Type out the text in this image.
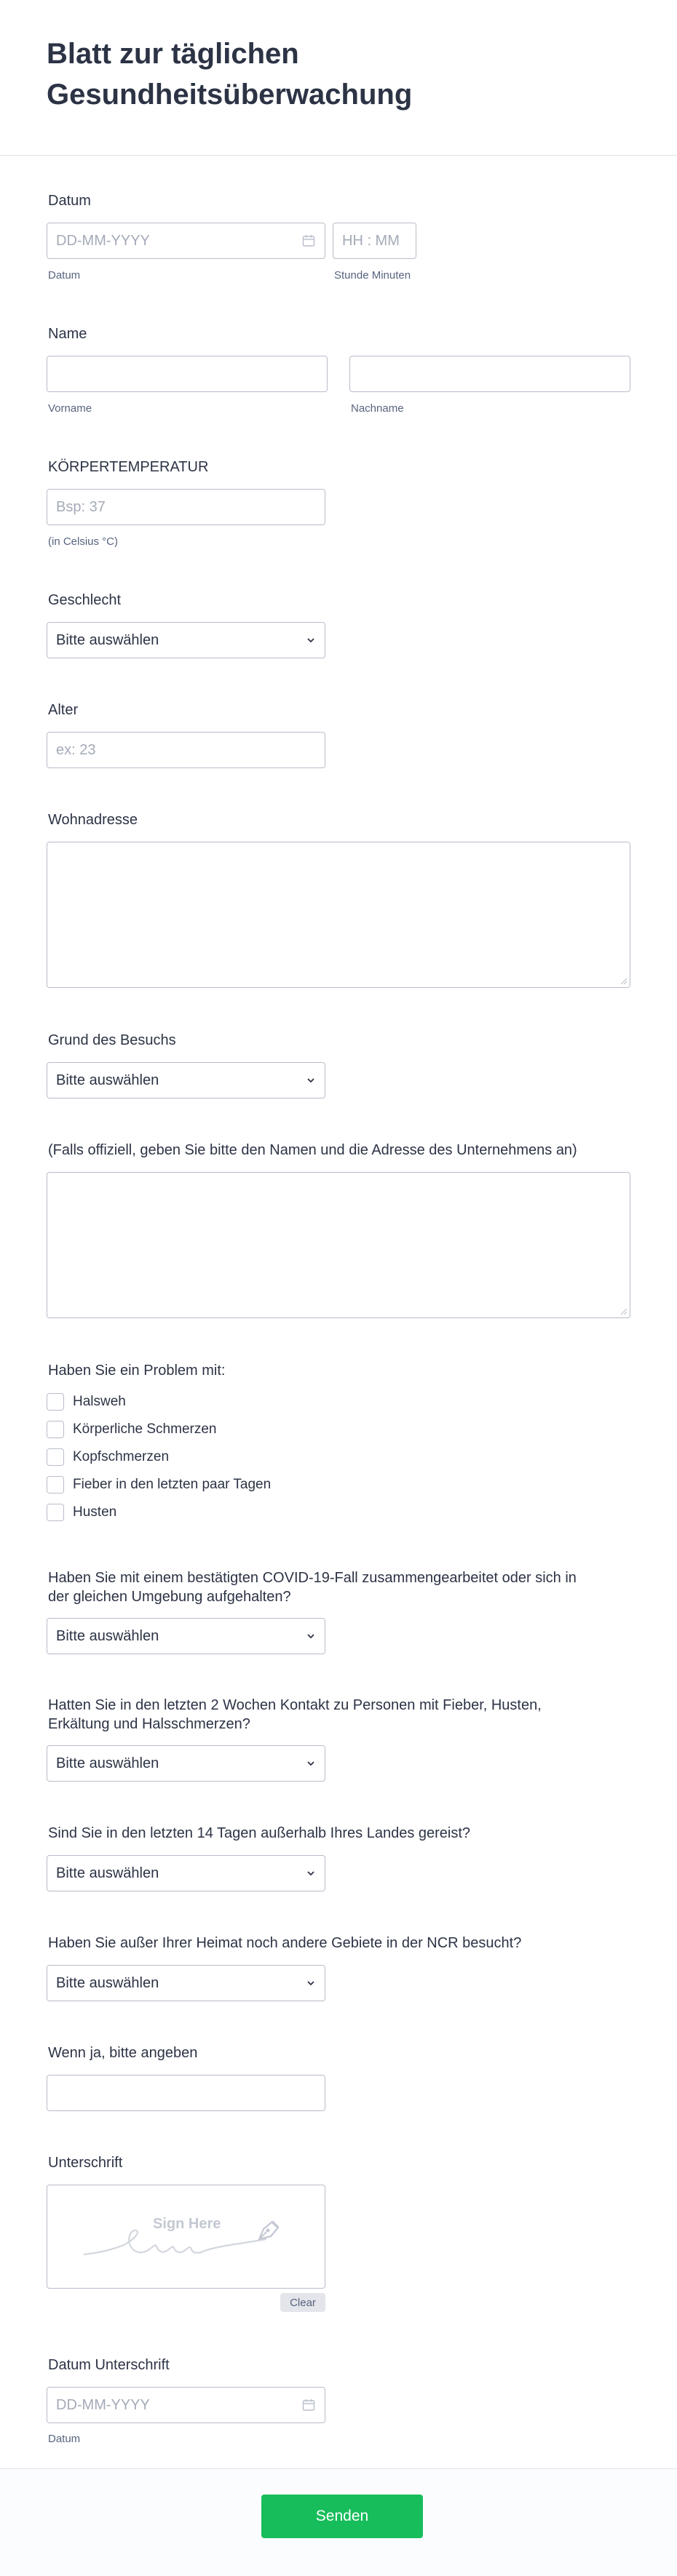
Blatt zur täglichen Gesundheitsüberwachung
Datum
DD-MM-YYYY	HH : MM
Datum	Stunde Minuten
Name
Vorname	Nachname
KÖRPERTEMPERATUR
Bsp: 37
(in Celsius °C)
Geschlecht
Bitte auswählen
Alter
ex: 23
Wohnadresse
Grund des Besuchs
Bitte auswählen
(Falls offiziell, geben Sie bitte den Namen und die Adresse des Unternehmens an)
Haben Sie ein Problem mit:
Halsweh
Körperliche Schmerzen
Kopfschmerzen
Fieber in den letzten paar Tagen
Husten
Haben Sie mit einem bestätigten COVID-19-Fall zusammengearbeitet oder sich in
der gleichen Umgebung aufgehalten?
Bitte auswählen
Hatten Sie in den letzten 2 Wochen Kontakt zu Personen mit Fieber, Husten,
Erkältung und Halsschmerzen?
Bitte auswählen
Sind Sie in den letzten 14 Tagen außerhalb Ihres Landes gereist?
Bitte auswählen
Haben Sie außer Ihrer Heimat noch andere Gebiete in der NCR besucht?
Bitte auswählen
Wenn ja, bitte angeben
Unterschrift
Sign Here
Clear
Datum Unterschrift
DD-MM-YYYY
Datum
Senden
